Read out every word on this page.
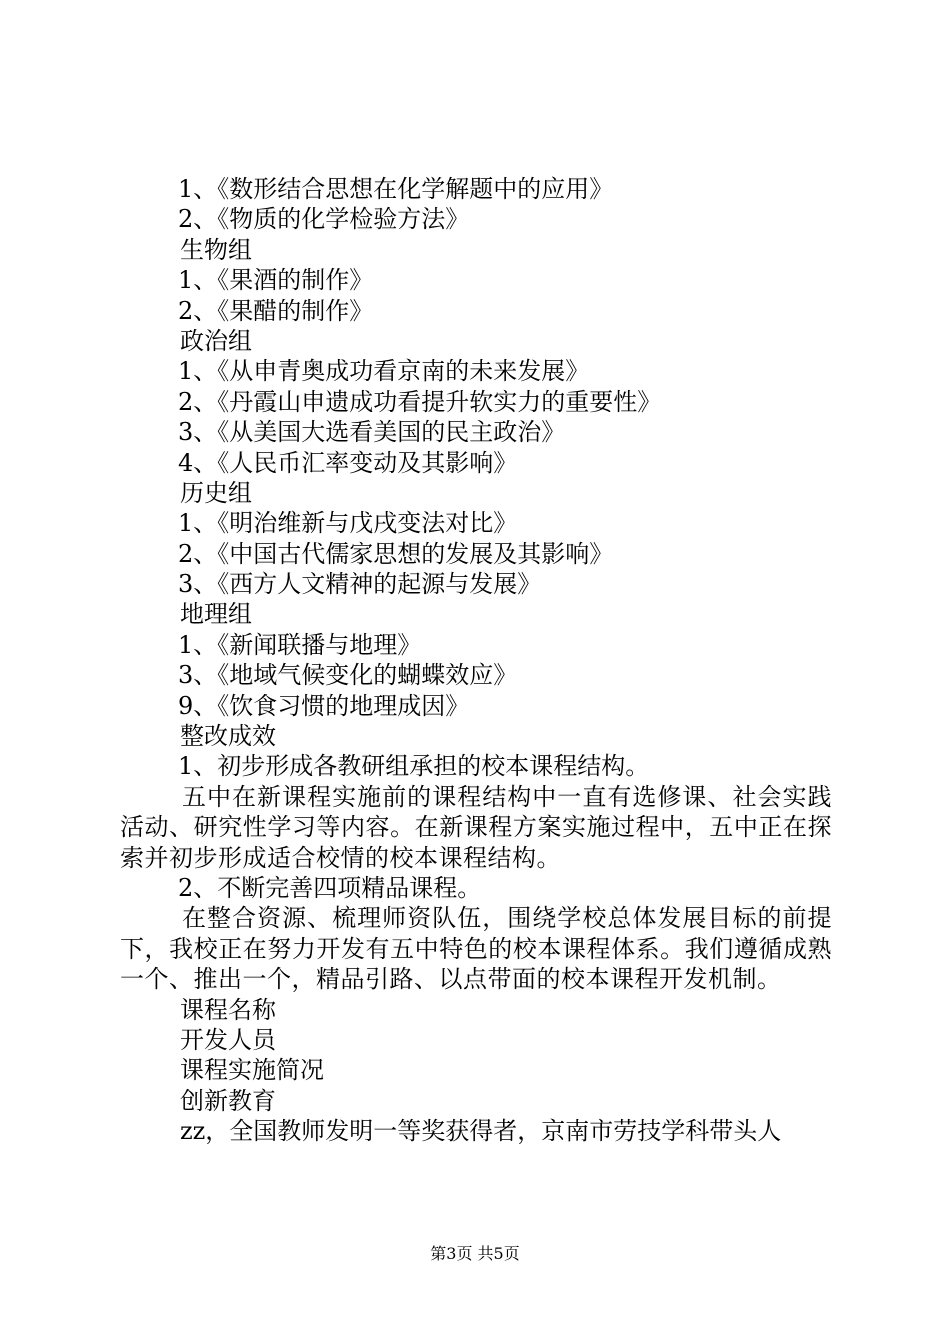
1、《数形结合思想在化学解题中的应用》
2、《物质的化学检验方法》
生物组
1、《果酒的制作》
2、《果醋的制作》
政治组
1、《从申青奥成功看京南的未来发展》
2、《丹霞山申遗成功看提升软实力的重要性》
3、《从美国大选看美国的民主政治》
4、《人民币汇率变动及其影响》
历史组
1、《明治维新与戊戌变法对比》
2、《中国古代儒家思想的发展及其影响》
3、《西方人文精神的起源与发展》
地理组
1、《新闻联播与地理》
3、《地域气候变化的蝴蝶效应》
9、《饮食习惯的地理成因》
整改成效
1、初步形成各教研组承担的校本课程结构。
五中在新课程实施前的课程结构中一直有选修课、社会实践活动、研究性学习等内容。在新课程方案实施过程中，五中正在探索并初步形成适合校情的校本课程结构。
2、不断完善四项精品课程。
在整合资源、梳理师资队伍，围绕学校总体发展目标的前提下，我校正在努力开发有五中特色的校本课程体系。我们遵循成熟一个、推出一个，精品引路、以点带面的校本课程开发机制。
课程名称
开发人员
课程实施简况
创新教育
zz，全国教师发明一等奖获得者，京南市劳技学科带头人
第3页 共5页
